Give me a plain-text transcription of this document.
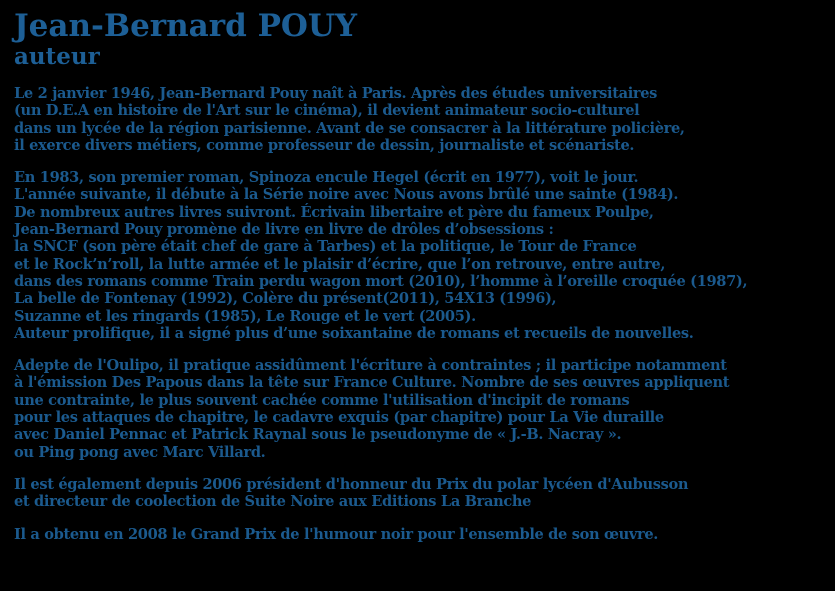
Jean-Bernard POUY
auteur
Le 2 janvier 1946, Jean-Bernard Pouy naît à Paris. Après des études universitaires
(un D.E.A en histoire de l'Art sur le cinéma), il devient animateur socio-culturel
dans un lycée de la région parisienne. Avant de se consacrer à la littérature policière,
il exerce divers métiers, comme professeur de dessin, journaliste et scénariste.
En 1983, son premier roman, Spinoza encule Hegel (écrit en 1977), voit le jour.
L'année suivante, il débute à la Série noire avec Nous avons brûlé une sainte (1984).
De nombreux autres livres suivront. Écrivain libertaire et père du fameux Poulpe,
Jean-Bernard Pouy promène de livre en livre de drôles d’obsessions :
la SNCF (son père était chef de gare à Tarbes) et la politique, le Tour de France
et le Rock’n’roll, la lutte armée et le plaisir d’écrire, que l’on retrouve, entre autre,
dans des romans comme Train perdu wagon mort (2010), l’homme à l’oreille croquée (1987),
La belle de Fontenay (1992), Colère du présent(2011), 54X13 (1996),
Suzanne et les ringards (1985), Le Rouge et le vert (2005).
Auteur prolifique, il a signé plus d’une soixantaine de romans et recueils de nouvelles.
Adepte de l'Oulipo, il pratique assidûment l'écriture à contraintes ; il participe notamment
à l'émission Des Papous dans la tête sur France Culture. Nombre de ses œuvres appliquent
une contrainte, le plus souvent cachée comme l'utilisation d'incipit de romans
pour les attaques de chapitre, le cadavre exquis (par chapitre) pour La Vie duraille
avec Daniel Pennac et Patrick Raynal sous le pseudonyme de « J.-B. Nacray ».
ou Ping pong avec Marc Villard.
Il est également depuis 2006 président d'honneur du Prix du polar lycéen d'Aubusson
et directeur de coolection de Suite Noire aux Editions La Branche
Il a obtenu en 2008 le Grand Prix de l'humour noir pour l'ensemble de son œuvre.
